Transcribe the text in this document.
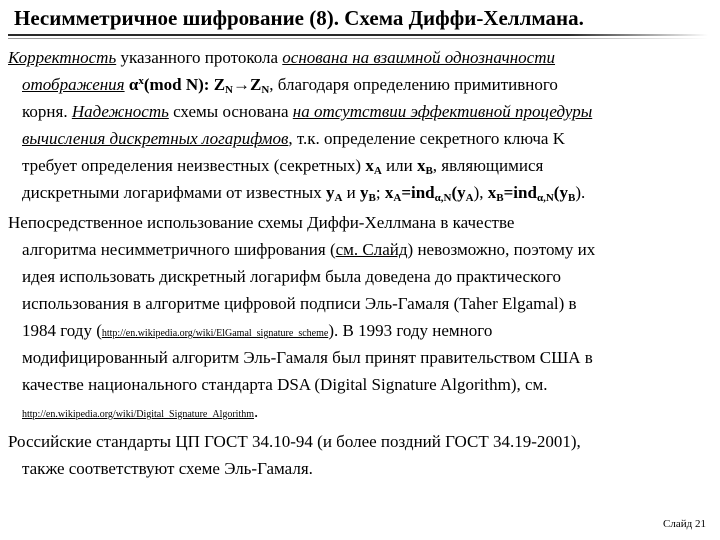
Несимметричное шифрование (8). Схема Диффи-Хеллмана.
Корректность указанного протокола основана на взаимной однозначности
отображения $\alpha^x(mod$ N): $Z_N\to Z_N$, благодаря определению примитивного
корня. Надежность схемы основана на отсутствии эффективной процедуры
вычисления дискретных логарифмов, т.к. определение секретного ключа K
требует определения неизвестных (секретных) $x_A$ или $x_B$, являющимися
дискретными логарифмами от известных $y_A$ и $y_B$; $x_A=ind_{\alpha,N}(y_A)$, $x_B=ind_{\alpha,N}(y_B)$.
Непосредственное использование схемы Диффи-Хеллмана в качестве
алгоритма несимметричного шифрования (см. Слайд) невозможно, поэтому их
идея использовать дискретный логарифм была доведена до практического
использования в алгоритме цифровой подписи Эль-Гамаля (Taher Elgamal) в
1984 году (http://en.wikipedia.org/wiki/ElGamal_signature_scheme). В 1993 году немного
модифицированный алгоритм Эль-Гамаля был принят правительством США в
качестве национального стандарта DSA (Digital Signature Algorithm), см.
http://en.wikipedia.org/wiki/Digital_Signature_Algorithm.
Российские стандарты ЦП ГОСТ 34.10-94 (и более поздний ГОСТ 34.19-2001),
также соответствуют схеме Эль-Гамаля.
Слайд 21
